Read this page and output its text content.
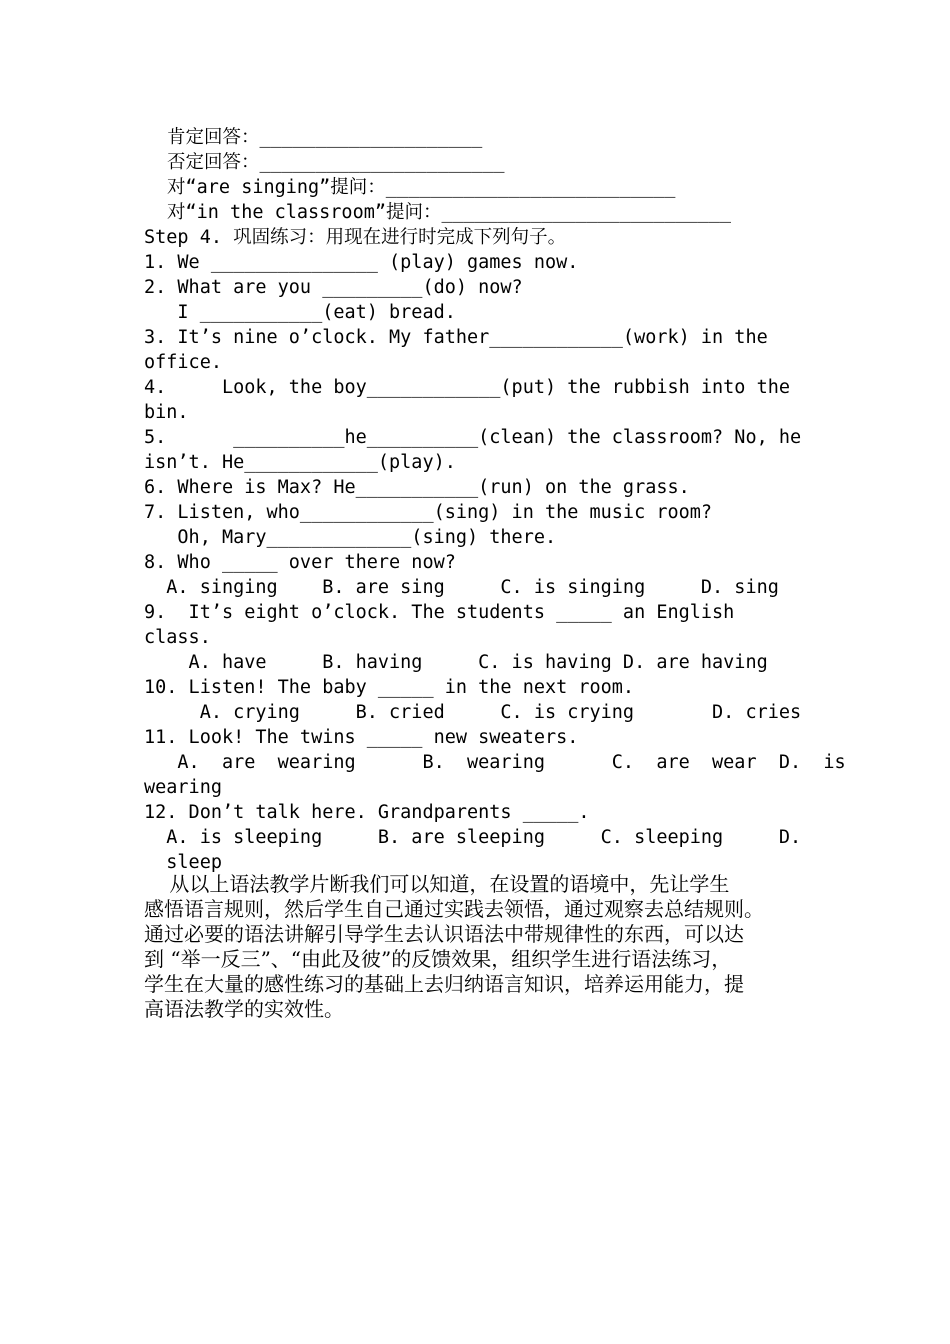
肯定回答：____________________
否定回答：______________________
对“are singing”提问：__________________________
对“in the classroom”提问：__________________________
Step 4. 巩固练习：用现在进行时完成下列句子。
1. We _______________ (play) games now.
2. What are you _________(do) now?
I ___________(eat) bread.
3. It’s nine o’clock. My father____________(work) in the
office.
4.     Look, the boy____________(put) the rubbish into the
bin.
5.      __________he__________(clean) the classroom? No, he
isn’t. He____________(play).
6. Where is Max? He___________(run) on the grass.
7. Listen, who____________(sing) in the music room?
Oh, Mary_____________(sing) there.
8. Who _____ over there now?
A. singing    B. are sing     C. is singing     D. sing
9.  It’s eight o’clock. The students _____ an English
class.
A. have     B. having     C. is having D. are having
10. Listen! The baby _____ in the next room.
A. crying     B. cried     C. is crying       D. cries
11. Look! The twins _____ new sweaters.
A.  are  wearing      B.  wearing      C.  are  wear  D.  is
wearing
12. Don’t talk here. Grandparents _____.
A. is sleeping     B. are sleeping     C. sleeping     D.
sleep
从以上语法教学片断我们可以知道，在设置的语境中，先让学生
感悟语言规则，然后学生自己通过实践去领悟，通过观察去总结规则。
通过必要的语法讲解引导学生去认识语法中带规律性的东西，可以达
到 “举一反三”、“由此及彼”的反馈效果，组织学生进行语法练习，
学生在大量的感性练习的基础上去归纳语言知识，培养运用能力，提
高语法教学的实效性。
